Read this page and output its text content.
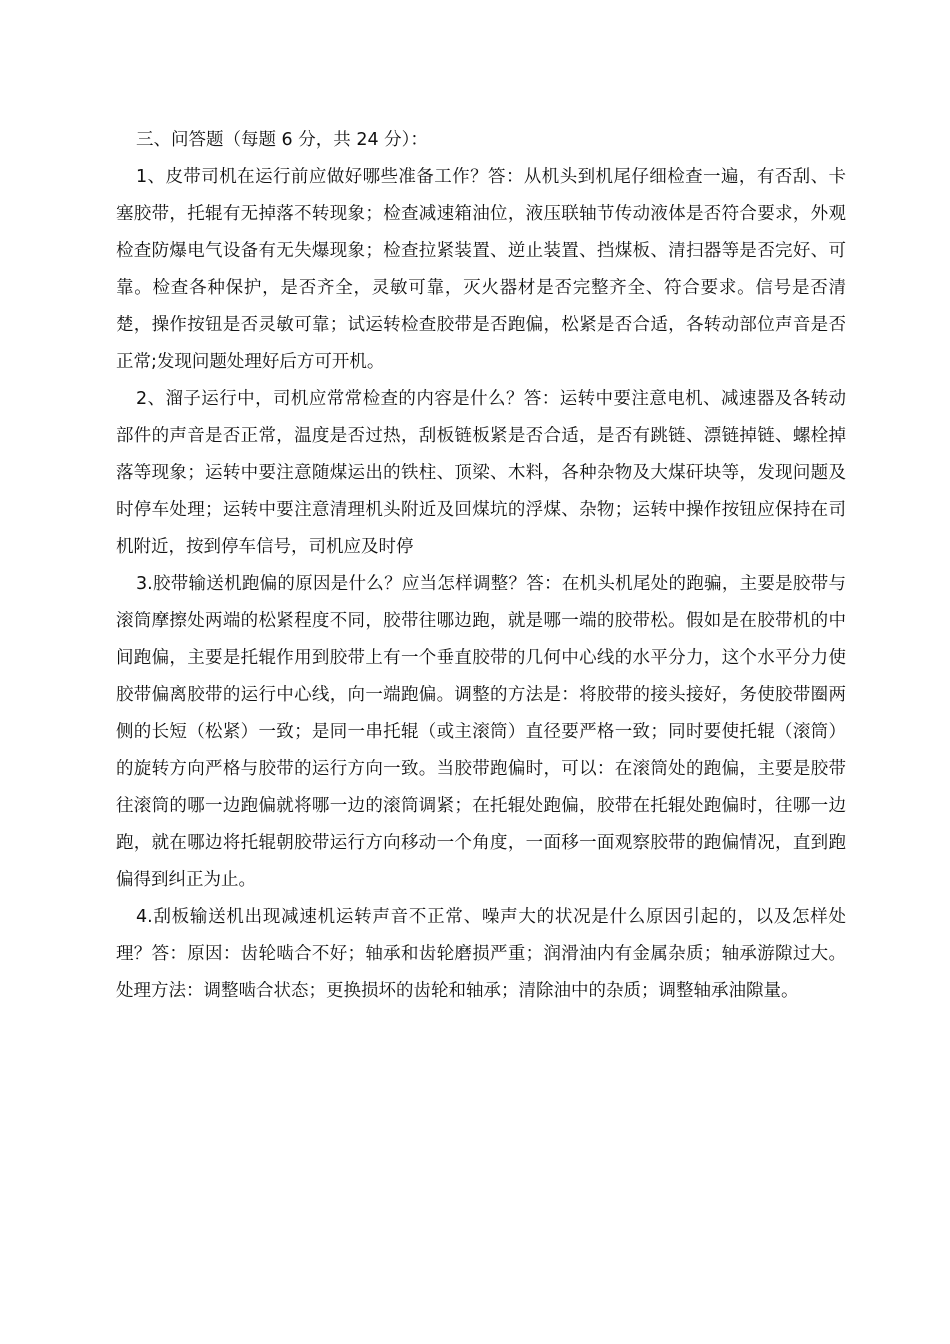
三、问答题（每题 6 分，共 24 分）：

1、皮带司机在运行前应做好哪些准备工作？答：从机头到机尾仔细检查一遍，有否刮、卡塞胶带，托辊有无掉落不转现象；检查减速箱油位，液压联轴节传动液体是否符合要求，外观检查防爆电气设备有无失爆现象；检查拉紧装置、逆止装置、挡煤板、清扫器等是否完好、可靠。检查各种保护，是否齐全，灵敏可靠，灭火器材是否完整齐全、符合要求。信号是否清楚，操作按钮是否灵敏可靠；试运转检查胶带是否跑偏，松紧是否合适，各转动部位声音是否正常;发现问题处理好后方可开机。

2、溜子运行中，司机应常常检查的内容是什么？答：运转中要注意电机、减速器及各转动部件的声音是否正常，温度是否过热，刮板链板紧是否合适，是否有跳链、漂链掉链、螺栓掉落等现象；运转中要注意随煤运出的铁柱、顶梁、木料，各种杂物及大煤矸块等，发现问题及时停车处理；运转中要注意清理机头附近及回煤坑的浮煤、杂物；运转中操作按钮应保持在司机附近，按到停车信号，司机应及时停

3.胶带输送机跑偏的原因是什么？应当怎样调整？答：在机头机尾处的跑骗，主要是胶带与滚筒摩擦处两端的松紧程度不同，胶带往哪边跑，就是哪一端的胶带松。假如是在胶带机的中间跑偏，主要是托辊作用到胶带上有一个垂直胶带的几何中心线的水平分力，这个水平分力使胶带偏离胶带的运行中心线，向一端跑偏。调整的方法是：将胶带的接头接好，务使胶带圈两侧的长短（松紧）一致；是同一串托辊（或主滚筒）直径要严格一致；同时要使托辊（滚筒）的旋转方向严格与胶带的运行方向一致。当胶带跑偏时，可以：在滚筒处的跑偏，主要是胶带往滚筒的哪一边跑偏就将哪一边的滚筒调紧；在托辊处跑偏，胶带在托辊处跑偏时，往哪一边跑，就在哪边将托辊朝胶带运行方向移动一个角度，一面移一面观察胶带的跑偏情况，直到跑偏得到纠正为止。

4.刮板输送机出现减速机运转声音不正常、噪声大的状况是什么原因引起的，以及怎样处理？答：原因：齿轮啮合不好；轴承和齿轮磨损严重；润滑油内有金属杂质；轴承游隙过大。处理方法：调整啮合状态；更换损坏的齿轮和轴承；清除油中的杂质；调整轴承油隙量。
